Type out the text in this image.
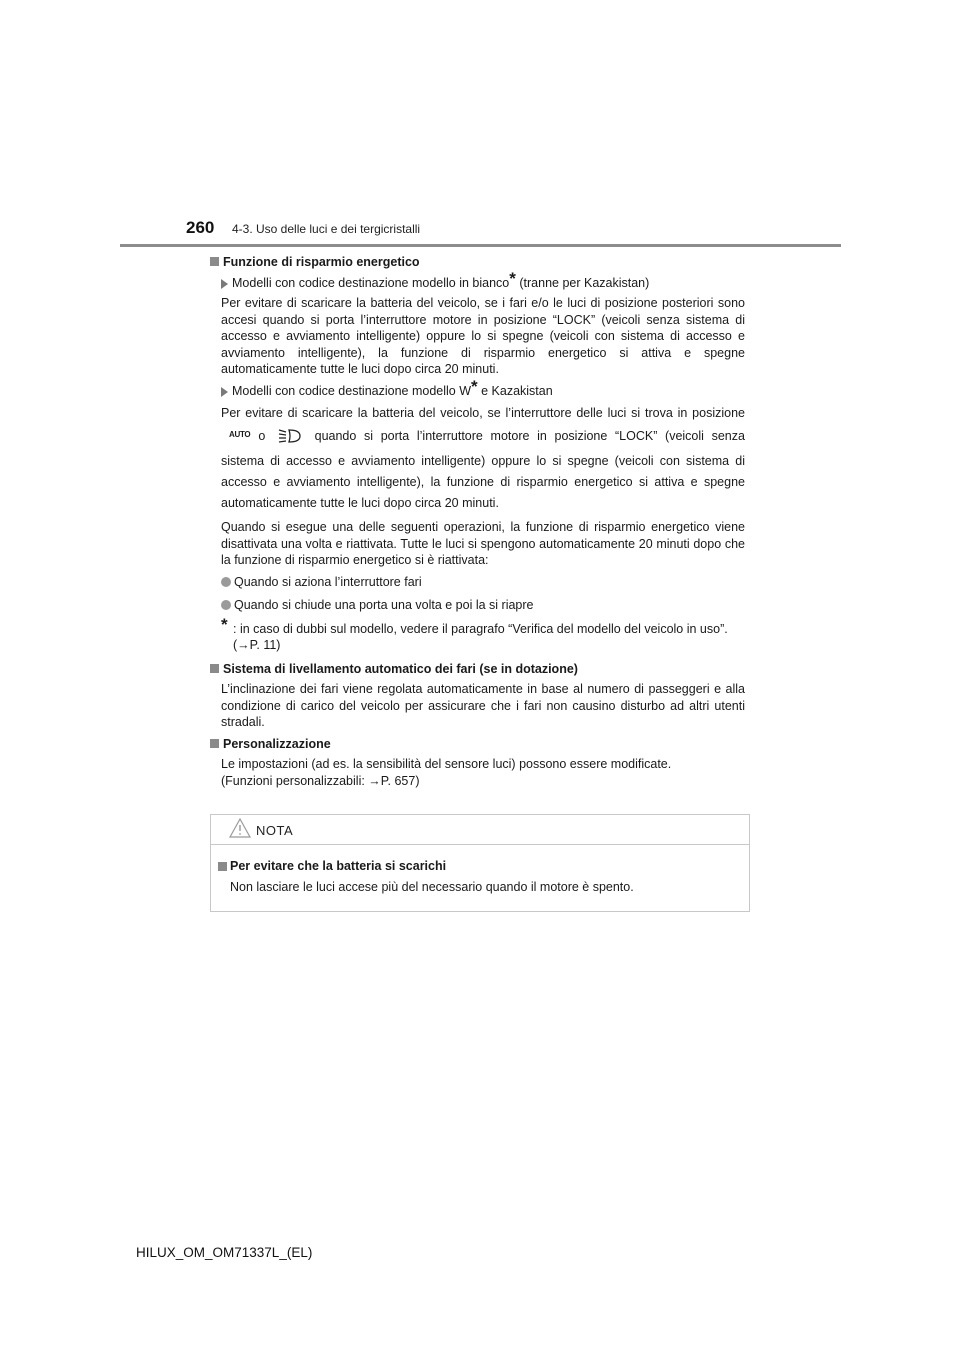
260 4-3. Uso delle luci e dei tergicristalli
Funzione di risparmio energetico
Modelli con codice destinazione modello in bianco* (tranne per Kazakistan)
Per evitare di scaricare la batteria del veicolo, se i fari e/o le luci di posizione posteriori sono accesi quando si porta l’interruttore motore in posizione “LOCK” (veicoli senza sistema di accesso e avviamento intelligente) oppure lo si spegne (veicoli con sistema di accesso e avviamento intelligente), la funzione di risparmio energetico si attiva e spegne automaticamente tutte le luci dopo circa 20 minuti.
Modelli con codice destinazione modello W* e Kazakistan
Per evitare di scaricare la batteria del veicolo, se l’interruttore delle luci si trova in posizione $^{AUTO}$ o	quando si porta l’interruttore motore in posizione “LOCK” (veicoli senza sistema di accesso e avviamento intelligente) oppure lo si spegne (veicoli con sistema di accesso e avviamento intelligente), la funzione di risparmio energetico si attiva e spegne automaticamente tutte le luci dopo circa 20 minuti.
Quando si esegue una delle seguenti operazioni, la funzione di risparmio energetico viene disattivata una volta e riattivata. Tutte le luci si spengono automaticamente 20 minuti dopo che la funzione di risparmio energetico si è riattivata:
Quando si aziona l’interruttore fari
Quando si chiude una porta una volta e poi la si riapre
* : in caso di dubbi sul modello, vedere il paragrafo “Verifica del modello del veicolo in uso”. (→P. 11)
Sistema di livellamento automatico dei fari (se in dotazione)
L’inclinazione dei fari viene regolata automaticamente in base al numero di passeggeri e alla condizione di carico del veicolo per assicurare che i fari non causino disturbo ad altri utenti stradali.
Personalizzazione
Le impostazioni (ad es. la sensibilità del sensore luci) possono essere modificate.
(Funzioni personalizzabili: →P. 657)
NOTA
Per evitare che la batteria si scarichi
Non lasciare le luci accese più del necessario quando il motore è spento.
HILUX_OM_OM71337L_(EL)
